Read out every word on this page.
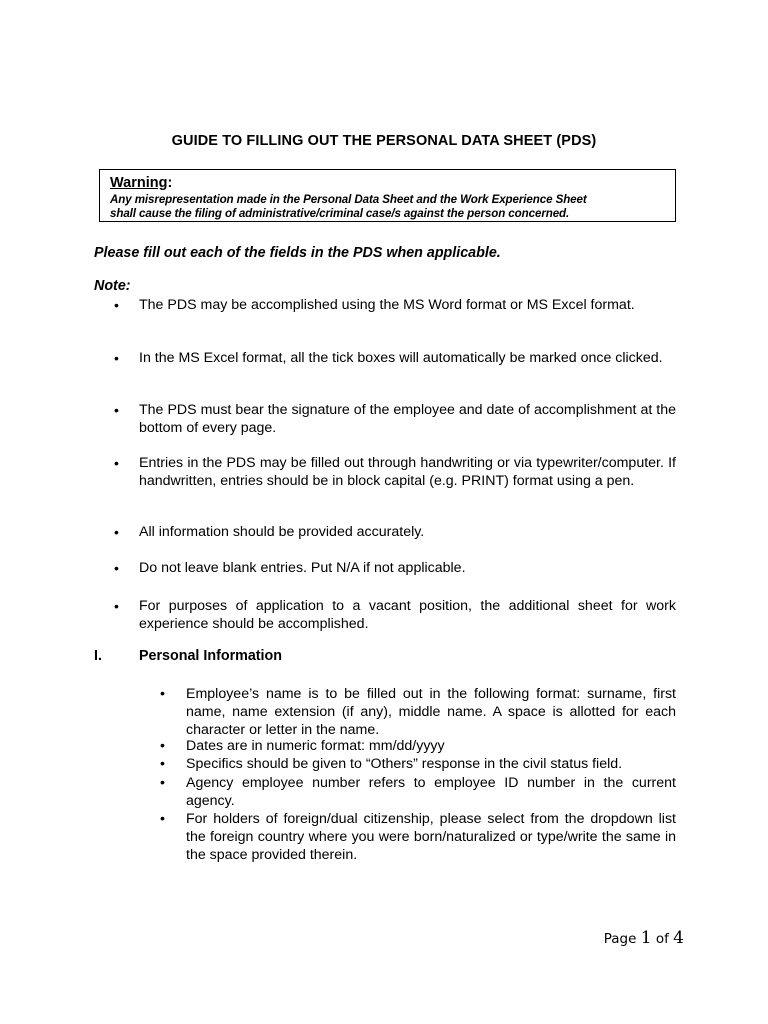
GUIDE TO FILLING OUT THE PERSONAL DATA SHEET (PDS)
Warning:

Any misrepresentation made in the Personal Data Sheet and the Work Experience Sheet

shall cause the filing of administrative/criminal case/s against the person concerned.

Please fill out each of the fields in the PDS when applicable.
Note:
• The PDS may be accomplished using the MS Word format or MS Excel format.
• In the MS Excel format, all the tick boxes will automatically be marked once clicked.
• The PDS must bear the signature of the employee and date of accomplishment at the bottom of every page.
• Entries in the PDS may be filled out through handwriting or via typewriter/computer. If handwritten, entries should be in block capital (e.g. PRINT) format using a pen.
• All information should be provided accurately.
• Do not leave blank entries. Put N/A if not applicable.
• For purposes of application to a vacant position, the additional sheet for work experience should be accomplished.
I.	Personal Information
• Employee’s name is to be filled out in the following format: surname, first name, name extension (if any), middle name. A space is allotted for each character or letter in the name.
• Dates are in numeric format: mm/dd/yyyy
• Specifics should be given to “Others” response in the civil status field.
• Agency employee number refers to employee ID number in the current agency.
• For holders of foreign/dual citizenship, please select from the dropdown list the foreign country where you were born/naturalized or type/write the same in the space provided therein.
Page 1 of 4
